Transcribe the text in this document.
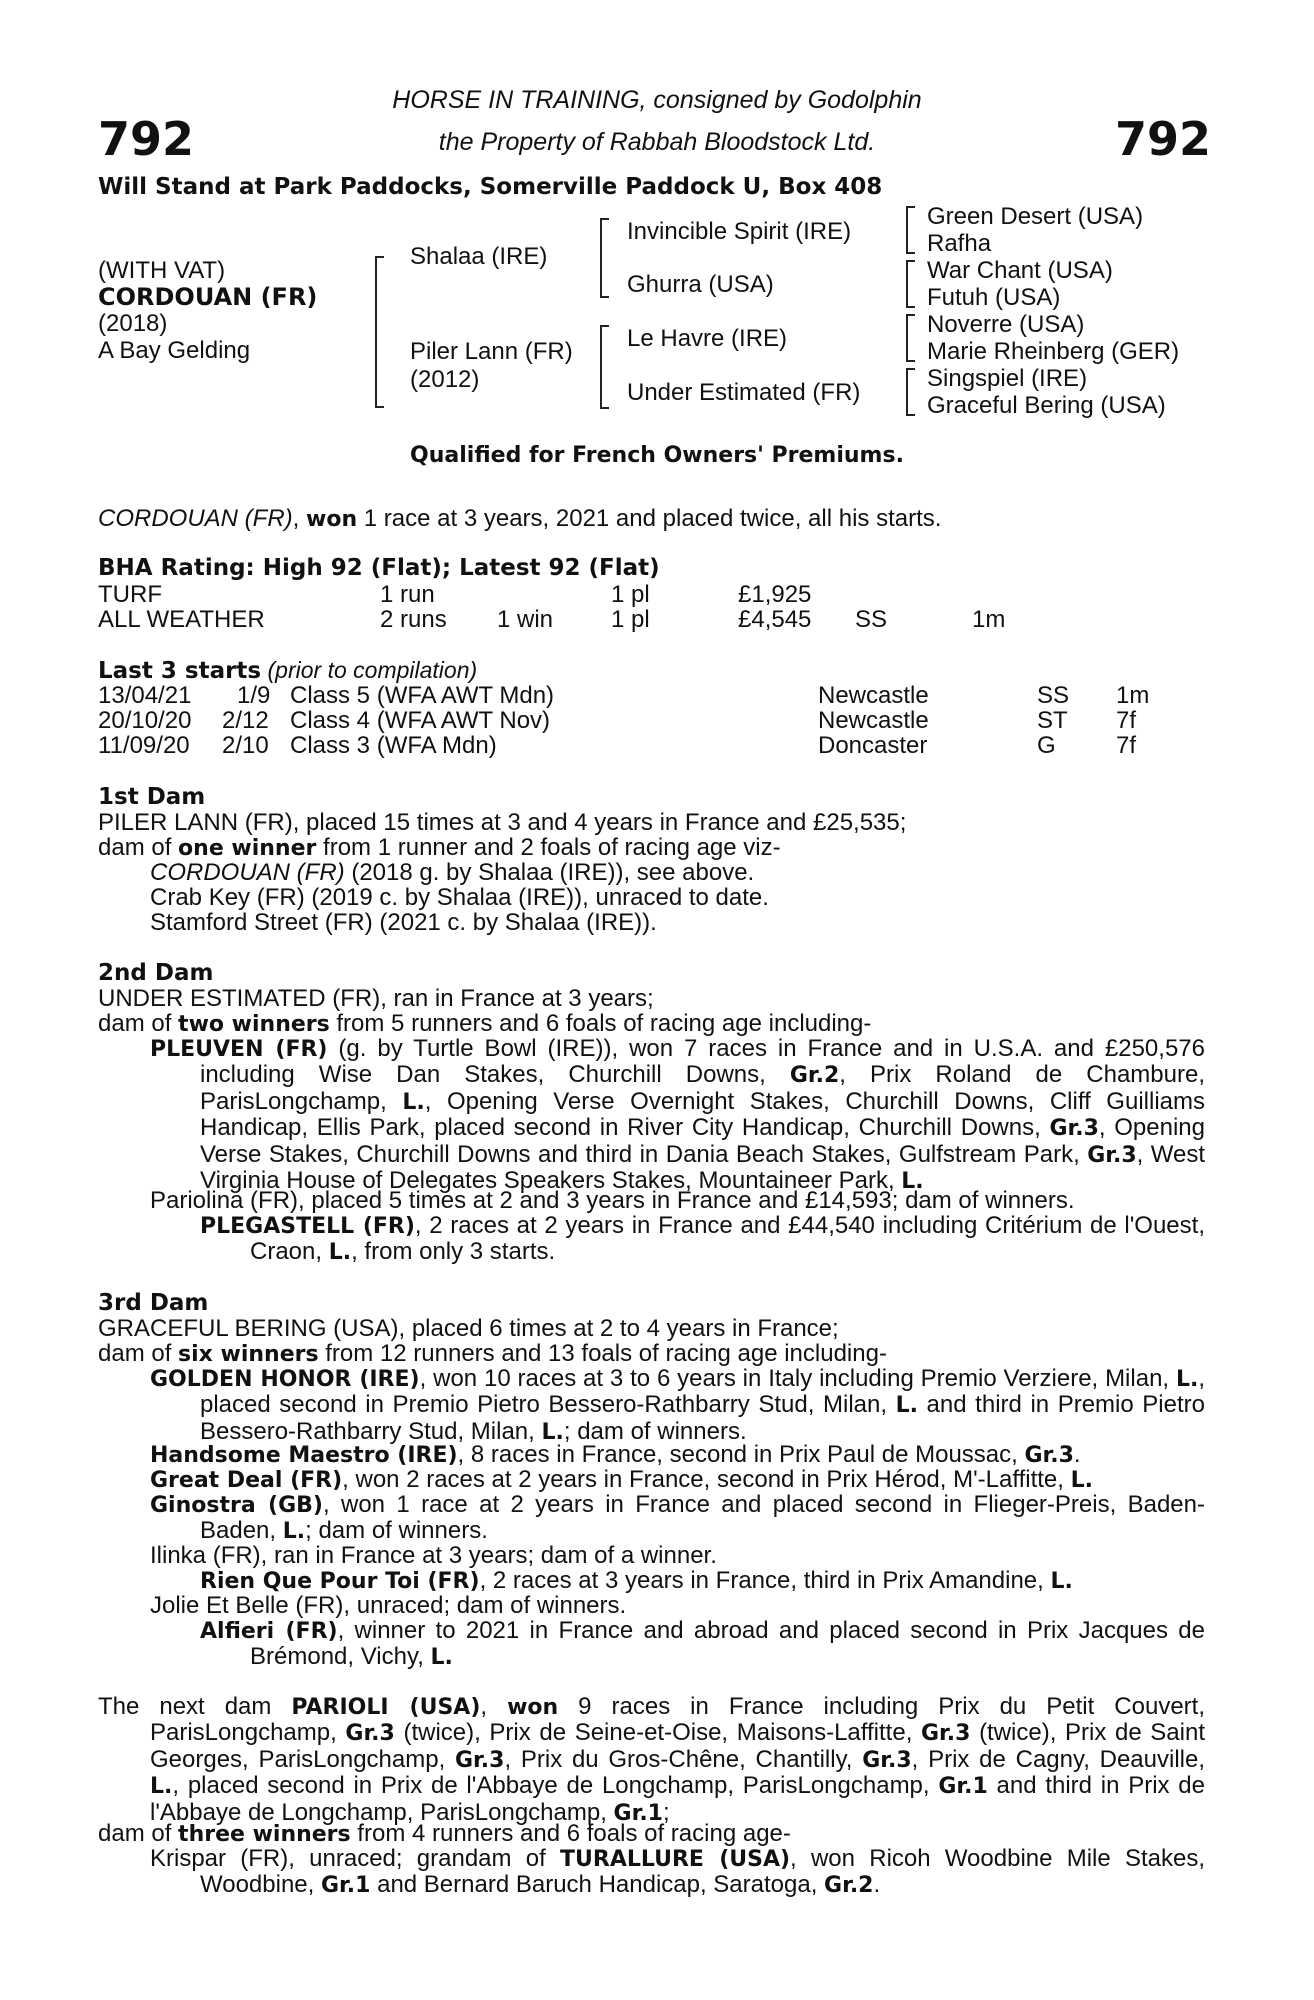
792	792
HORSE IN TRAINING, consigned by Godolphin
the Property of Rabbah Bloodstock Ltd.
Will Stand at Park Paddocks, Somerville Paddock U, Box 408
(WITH VAT)
CORDOUAN (FR)
(2018)
A Bay Gelding
Shalaa (IRE)
Piler Lann (FR)
(2012)
Invincible Spirit (IRE)
Ghurra (USA)
Le Havre (IRE)
Under Estimated (FR)
Green Desert (USA)
Rafha
War Chant (USA)
Futuh (USA)
Noverre (USA)
Marie Rheinberg (GER)
Singspiel (IRE)
Graceful Bering (USA)
Qualified for French Owners' Premiums.
CORDOUAN (FR), won 1 race at 3 years, 2021 and placed twice, all his starts.
BHA Rating: High 92 (Flat); Latest 92 (Flat)
TURF	1 run	1 pl	£1,925
ALL WEATHER	2 runs 1 win 1 pl	£4,545 SS	1m
Last 3 starts (prior to compilation)
13/04/21 1/9 Class 5 (WFA AWT Mdn)	Newcastle	SS 1m
20/10/20 2/12 Class 4 (WFA AWT Nov)	Newcastle	ST 7f
11/09/20 2/10 Class 3 (WFA Mdn)	Doncaster	G	7f
1st Dam
PILER LANN (FR), placed 15 times at 3 and 4 years in France and £25,535;
dam of one winner from 1 runner and 2 foals of racing age viz-
CORDOUAN (FR) (2018 g. by Shalaa (IRE)), see above.
Crab Key (FR) (2019 c. by Shalaa (IRE)), unraced to date.
Stamford Street (FR) (2021 c. by Shalaa (IRE)).
2nd Dam
UNDER ESTIMATED (FR), ran in France at 3 years;
dam of two winners from 5 runners and 6 foals of racing age including-

PLEUVEN (FR) (g. by Turtle Bowl (IRE)), won 7 races in France and in U.S.A. and £250,576 including Wise Dan Stakes, Churchill Downs, Gr.2, Prix Roland de Chambure, ParisLongchamp, L., Opening Verse Overnight Stakes, Churchill Downs, Cliff Guilliams Handicap, Ellis Park, placed second in River City Handicap, Churchill Downs, Gr.3, Opening Verse Stakes, Churchill Downs and third in Dania Beach Stakes, Gulfstream Park, Gr.3, West Virginia House of Delegates Speakers Stakes, Mountaineer Park, L.

Pariolina (FR), placed 5 times at 2 and 3 years in France and £14,593; dam of winners.

PLEGASTELL (FR), 2 races at 2 years in France and £44,540 including Critérium de l'Ouest, Craon, L., from only 3 starts.

3rd Dam
GRACEFUL BERING (USA), placed 6 times at 2 to 4 years in France;
dam of six winners from 12 runners and 13 foals of racing age including-

GOLDEN HONOR (IRE), won 10 races at 3 to 6 years in Italy including Premio Verziere, Milan, L., placed second in Premio Pietro Bessero-Rathbarry Stud, Milan, L. and third in Premio Pietro Bessero-Rathbarry Stud, Milan, L.; dam of winners.

Handsome Maestro (IRE), 8 races in France, second in Prix Paul de Moussac, Gr.3.
Great Deal (FR), won 2 races at 2 years in France, second in Prix Hérod, M'-Laffitte, L.

Ginostra (GB), won 1 race at 2 years in France and placed second in Flieger-Preis, Baden-Baden, L.; dam of winners.

Ilinka (FR), ran in France at 3 years; dam of a winner.
Rien Que Pour Toi (FR), 2 races at 3 years in France, third in Prix Amandine, L.
Jolie Et Belle (FR), unraced; dam of winners.

Alfieri (FR), winner to 2021 in France and abroad and placed second in Prix Jacques de Brémond, Vichy, L.

The next dam PARIOLI (USA), won 9 races in France including Prix du Petit Couvert, ParisLongchamp, Gr.3 (twice), Prix de Seine-et-Oise, Maisons-Laffitte, Gr.3 (twice), Prix de Saint Georges, ParisLongchamp, Gr.3, Prix du Gros-Chêne, Chantilly, Gr.3, Prix de Cagny, Deauville, L., placed second in Prix de l'Abbaye de Longchamp, ParisLongchamp, Gr.1 and third in Prix de l'Abbaye de Longchamp, ParisLongchamp, Gr.1;

dam of three winners from 4 runners and 6 foals of racing age-

Krispar (FR), unraced; grandam of TURALLURE (USA), won Ricoh Woodbine Mile Stakes, Woodbine, Gr.1 and Bernard Baruch Handicap, Saratoga, Gr.2.
